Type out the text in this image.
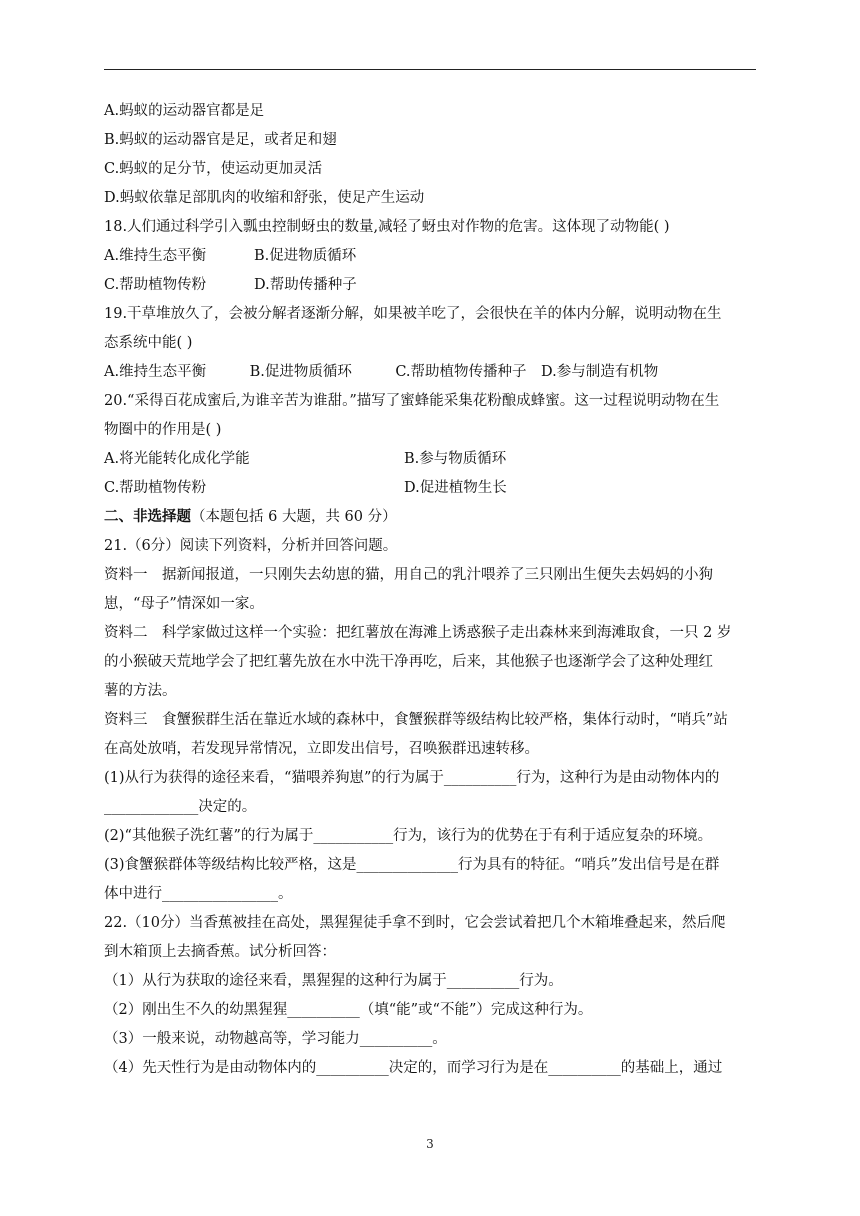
A.蚂蚁的运动器官都是足
B.蚂蚁的运动器官是足，或者足和翅
C.蚂蚁的足分节，使运动更加灵活
D.蚂蚁依靠足部肌肉的收缩和舒张，使足产生运动
18.人们通过科学引入瓢虫控制蚜虫的数量,减轻了蚜虫对作物的危害。这体现了动物能( )
A.维持生态平衡	B.促进物质循环
C.帮助植物传粉	D.帮助传播种子
19.干草堆放久了，会被分解者逐渐分解，如果被羊吃了，会很快在羊的体内分解，说明动物在生
态系统中能( )
A.维持生态平衡　　　B.促进物质循环　　　C.帮助植物传播种子　D.参与制造有机物
20.“采得百花成蜜后,为谁辛苦为谁甜。”描写了蜜蜂能采集花粉酿成蜂蜜。这一过程说明动物在生
物圈中的作用是( )
A.将光能转化成化学能	B.参与物质循环
C.帮助植物传粉	D.促进植物生长
二、非选择题（本题包括 6 大题，共 60 分）
21.（6分）阅读下列资料，分析并回答问题。
资料一　据新闻报道，一只刚失去幼崽的猫，用自己的乳汁喂养了三只刚出生便失去妈妈的小狗
崽，“母子”情深如一家。
资料二　科学家做过这样一个实验：把红薯放在海滩上诱惑猴子走出森林来到海滩取食，一只 2 岁
的小猴破天荒地学会了把红薯先放在水中洗干净再吃，后来，其他猴子也逐渐学会了这种处理红
薯的方法。
资料三　食蟹猴群生活在靠近水域的森林中，食蟹猴群等级结构比较严格，集体行动时，“哨兵”站
在高处放哨，若发现异常情况，立即发出信号，召唤猴群迅速转移。
(1)从行为获得的途径来看，“猫喂养狗崽”的行为属于__________行为，这种行为是由动物体内的
_____________决定的。
(2)“其他猴子洗红薯”的行为属于___________行为，该行为的优势在于有利于适应复杂的环境。
(3)食蟹猴群体等级结构比较严格，这是______________行为具有的特征。“哨兵”发出信号是在群
体中进行________________。
22.（10分）当香蕉被挂在高处，黑猩猩徒手拿不到时，它会尝试着把几个木箱堆叠起来，然后爬
到木箱顶上去摘香蕉。试分析回答：
（1）从行为获取的途径来看，黑猩猩的这种行为属于__________行为。
（2）刚出生不久的幼黑猩猩__________（填“能”或“不能”）完成这种行为。
（3）一般来说，动物越高等，学习能力__________。
（4）先天性行为是由动物体内的__________决定的，而学习行为是在__________的基础上，通过
3
